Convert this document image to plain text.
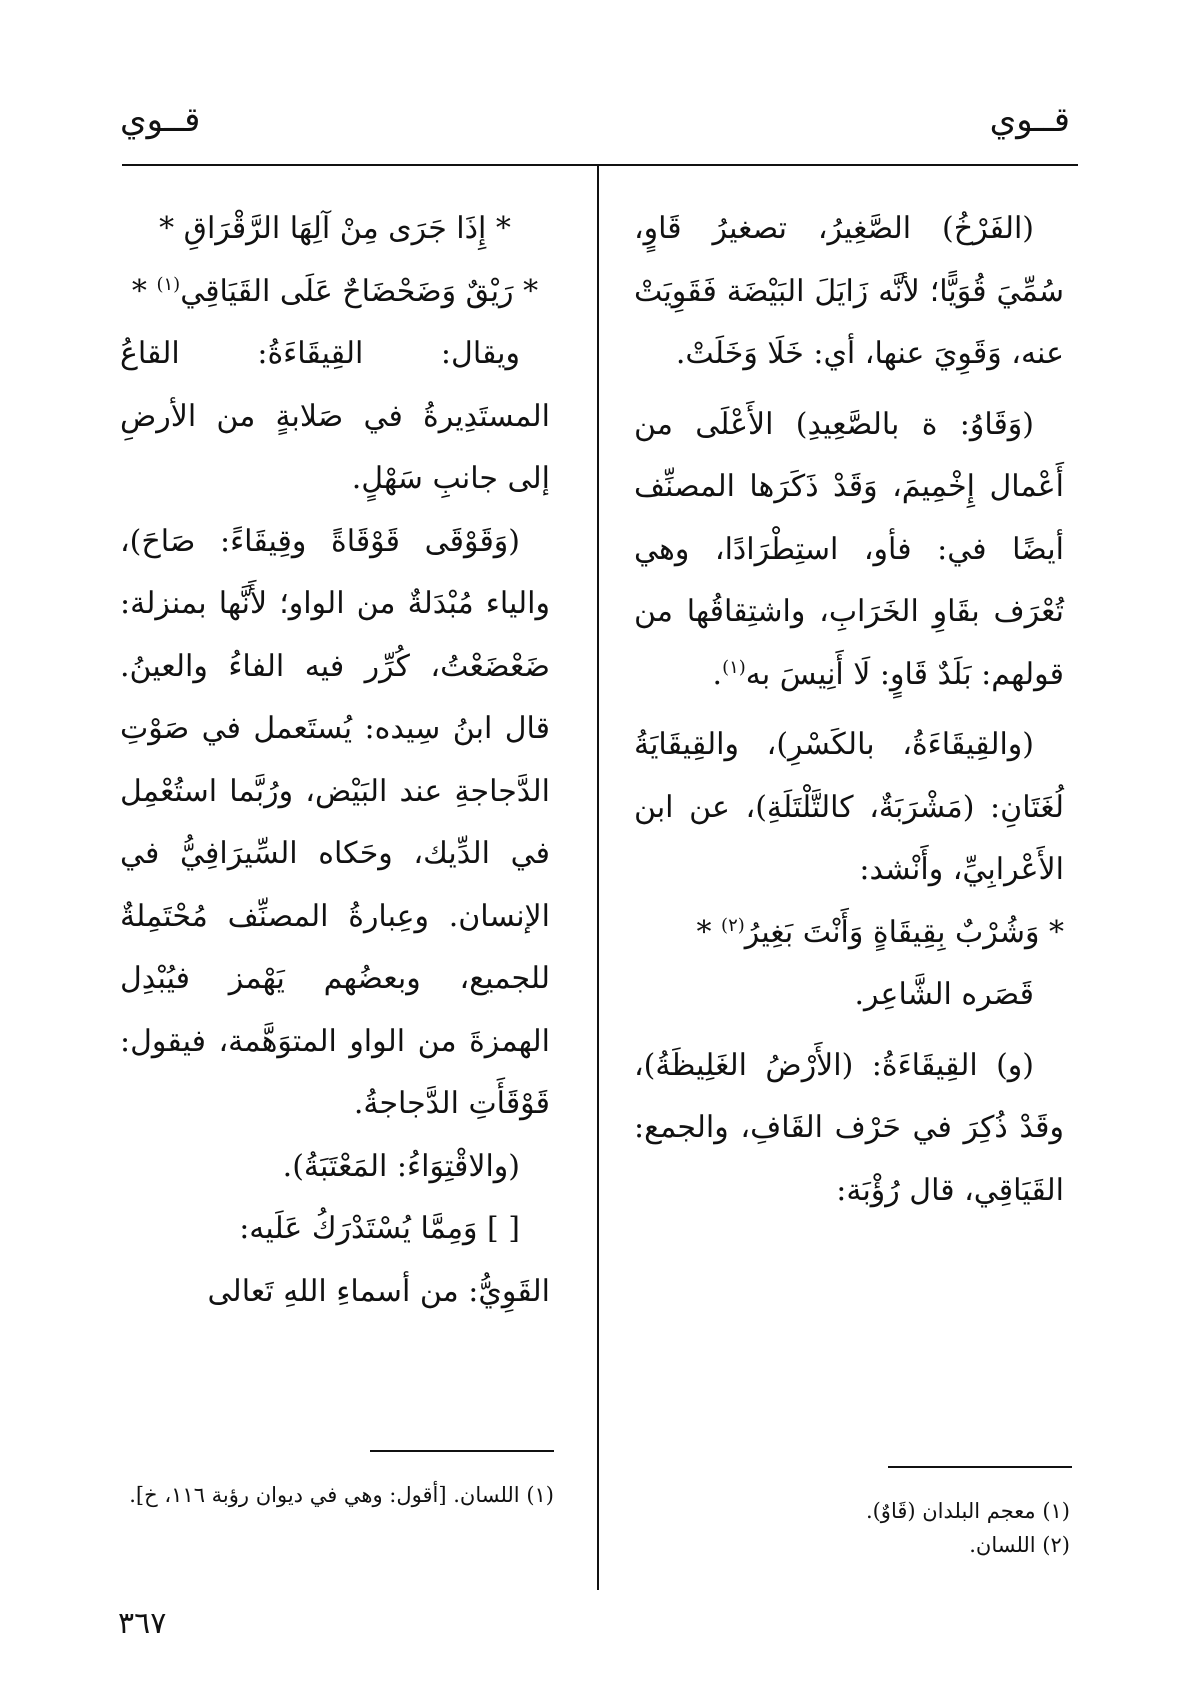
قــوي
قــوي

(الفَرْخُ) الصَّغِيرُ، تصغيرُ قَاوٍ، سُمِّيَ قُوَيًّا؛ لأنَّه زَايَلَ البَيْضَة فَقَوِيَتْ عنه، وَقَوِيَ عنها، أي: خَلَا وَخَلَتْ.

(وَقَاوُ: ة بالصَّعِيدِ) الأَعْلَى من أَعْمال إِخْمِيمَ، وَقَدْ ذَكَرَها المصنِّف أيضًا في: فأو، استِطْرَادًا، وهي تُعْرَف بقَاوِ الخَرَابِ، واشتِقاقُها من قولهم: بَلَدٌ قَاوٍ: لَا أَنِيسَ به$^{(١)}$.

(والقِيقَاءَةُ، بالكَسْرِ)، والقِيقَايَةُ لُغَتَانِ: (مَشْرَبَةٌ، كالتَّلْتَلَةِ)، عن ابن الأَعْرابِيِّ، وأَنْشد:

* وَشُرْبٌ بِقِيقَاةٍ وَأَنْتَ بَغِيرُ$^{(٢)}$ *

قَصَره الشَّاعِر.

(و) القِيقَاءَةُ: (الأَرْضُ الغَلِيظَةُ)، وقَدْ ذُكِرَ في حَرْف القَافِ، والجمع: القَيَاقِي، قال رُؤْبَة:

* إِذَا جَرَى مِنْ آلِهَا الرَّقْرَاقِ *

* رَيْقٌ وَضَحْضَاحٌ عَلَى القَيَاقِي$^{(١)}$ *

ويقال: القِيقَاءَةُ: القاعُ المستَدِيرةُ في صَلابةٍ من الأرضِ إلى جانبِ سَهْلٍ.

(وَقَوْقَى قَوْقَاةً وقِيقَاءً: صَاحَ)، والياء مُبْدَلةٌ من الواو؛ لأَنَّها بمنزلة: ضَعْضَعْتُ، كُرِّر فيه الفاءُ والعينُ. قال ابنُ سِيده: يُستَعمل في صَوْتِ الدَّجاجةِ عند البَيْض، ورُبَّما استُعْمِل في الدِّيك، وحَكاه السِّيرَافِيُّ في الإنسان. وعِبارةُ المصنِّف مُحْتَمِلةٌ للجميع، وبعضُهم يَهْمز فيُبْدِل الهمزةَ من الواو المتوَهَّمة، فيقول: قَوْقَأَتِ الدَّجاجةُ.

(والاقْتِوَاءُ: المَعْتَبَةُ).

[ ] وَمِمَّا يُسْتَدْرَكُ عَلَيه:

القَوِيُّ: من أسماءِ اللهِ تَعالى

(١) معجم البلدان (قَاوٌ).

(٢) اللسان.

(١) اللسان. [أقول: وهي في ديوان رؤبة ١١٦، خ].

٣٦٧
